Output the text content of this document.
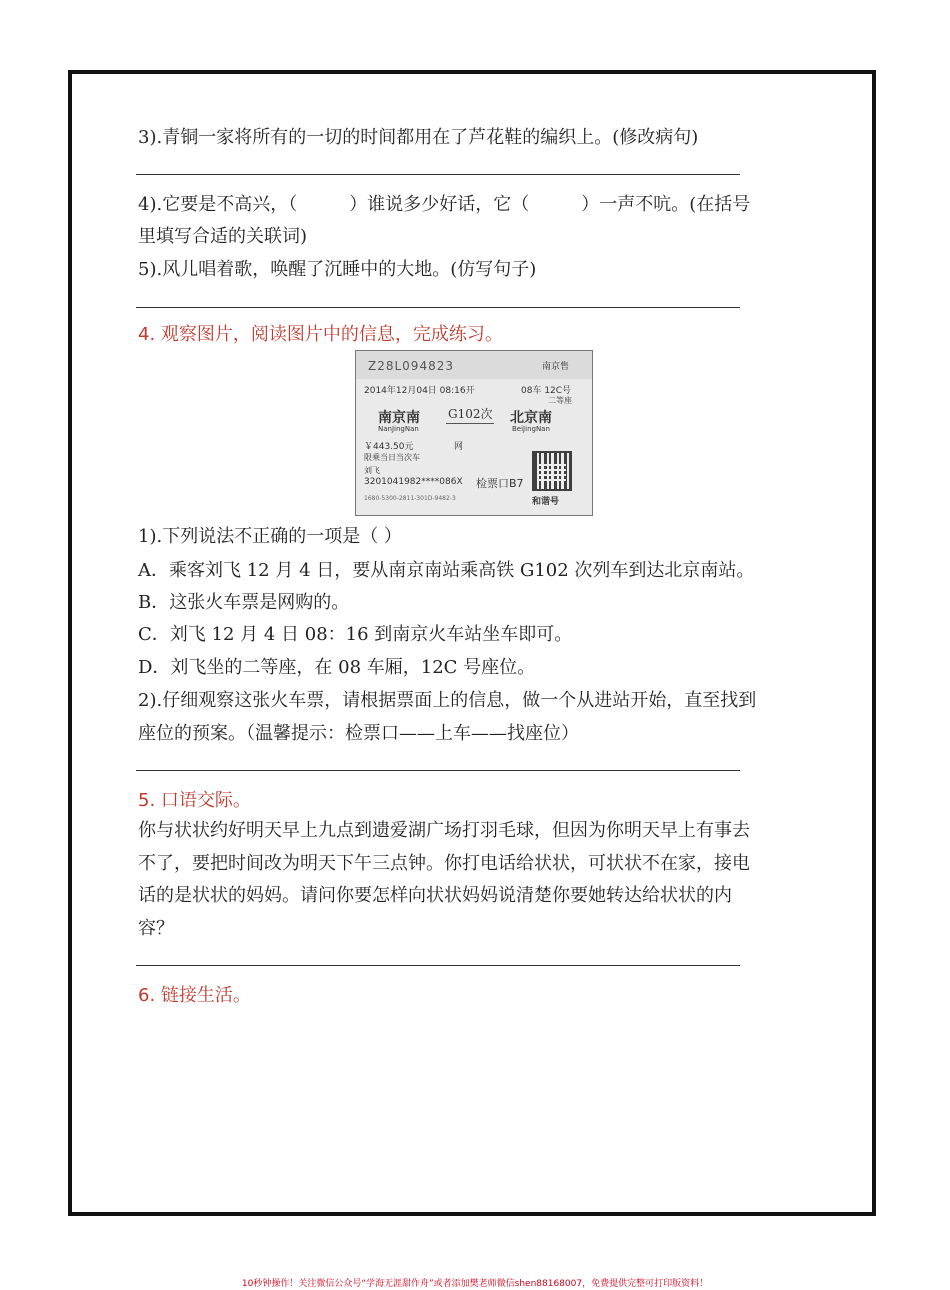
3).青铜一家将所有的一切的时间都用在了芦花鞋的编织上。(修改病句)
4).它要是不高兴，（	）谁说多少好话，它（	）一声不吭。(在括号
里填写合适的关联词)
5).风儿唱着歌，唤醒了沉睡中的大地。(仿写句子)
4. 观察图片，阅读图片中的信息，完成练习。
Z28L094823	南京售
2014年12月04日 08:16开	08车 12C号
二等座
南京南
NanJingNan
G102次 北京南
BeiJingNan
￥443.50元	网
限乘当日当次车
刘飞
3201041982****086X 检票口B7
1680-5300-2811-301D-9482-3	和谐号
1).下列说法不正确的一项是（ ）
A．乘客刘飞 12 月 4 日，要从南京南站乘高铁 G102 次列车到达北京南站。
B．这张火车票是网购的。
C．刘飞 12 月 4 日 08：16 到南京火车站坐车即可。
D．刘飞坐的二等座，在 08 车厢，12C 号座位。
2).仔细观察这张火车票，请根据票面上的信息，做一个从进站开始，直至找到
座位的预案。（温馨提示：检票口——上车——找座位）
5. 口语交际。
你与状状约好明天早上九点到遗爱湖广场打羽毛球，但因为你明天早上有事去
不了，要把时间改为明天下午三点钟。你打电话给状状，可状状不在家，接电
话的是状状的妈妈。请问你要怎样向状状妈妈说清楚你要她转达给状状的内
容？
6. 链接生活。
10秒钟操作！关注微信公众号“学海无涯甜作舟”或者添加樊老师微信shen88168007，免费提供完整可打印版资料！
